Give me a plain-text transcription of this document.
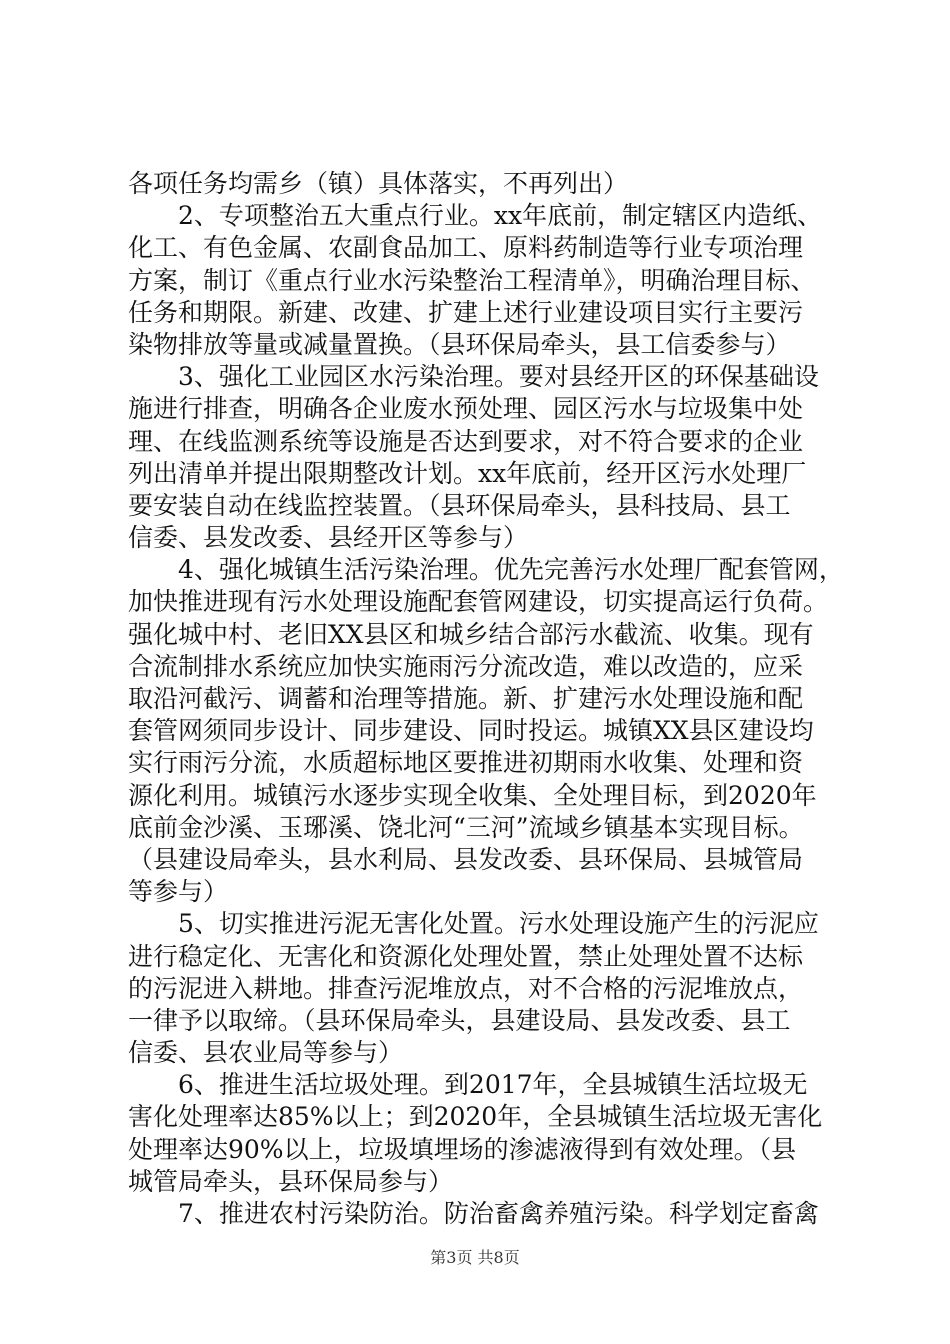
各项任务均需乡（镇）具体落实，不再列出）
2、专项整治五大重点行业。xx年底前，制定辖区内造纸、
化工、有色金属、农副食品加工、原料药制造等行业专项治理
方案，制订《重点行业水污染整治工程清单》，明确治理目标、
任务和期限。新建、改建、扩建上述行业建设项目实行主要污
染物排放等量或减量置换。（县环保局牵头，县工信委参与）
3、强化工业园区水污染治理。要对县经开区的环保基础设
施进行排查，明确各企业废水预处理、园区污水与垃圾集中处
理、在线监测系统等设施是否达到要求，对不符合要求的企业
列出清单并提出限期整改计划。xx年底前，经开区污水处理厂
要安装自动在线监控装置。（县环保局牵头，县科技局、县工
信委、县发改委、县经开区等参与）
4、强化城镇生活污染治理。优先完善污水处理厂配套管网，
加快推进现有污水处理设施配套管网建设，切实提高运行负荷。
强化城中村、老旧XX县区和城乡结合部污水截流、收集。现有
合流制排水系统应加快实施雨污分流改造，难以改造的，应采
取沿河截污、调蓄和治理等措施。新、扩建污水处理设施和配
套管网须同步设计、同步建设、同时投运。城镇XX县区建设均
实行雨污分流，水质超标地区要推进初期雨水收集、处理和资
源化利用。城镇污水逐步实现全收集、全处理目标，到2020年
底前金沙溪、玉琊溪、饶北河“三河”流域乡镇基本实现目标。
（县建设局牵头，县水利局、县发改委、县环保局、县城管局
等参与）
5、切实推进污泥无害化处置。污水处理设施产生的污泥应
进行稳定化、无害化和资源化处理处置，禁止处理处置不达标
的污泥进入耕地。排查污泥堆放点，对不合格的污泥堆放点，
一律予以取缔。（县环保局牵头，县建设局、县发改委、县工
信委、县农业局等参与）
6、推进生活垃圾处理。到2017年，全县城镇生活垃圾无
害化处理率达85%以上；到2020年，全县城镇生活垃圾无害化
处理率达90%以上，垃圾填埋场的渗滤液得到有效处理。（县
城管局牵头，县环保局参与）
7、推进农村污染防治。防治畜禽养殖污染。科学划定畜禽
第3页 共8页
